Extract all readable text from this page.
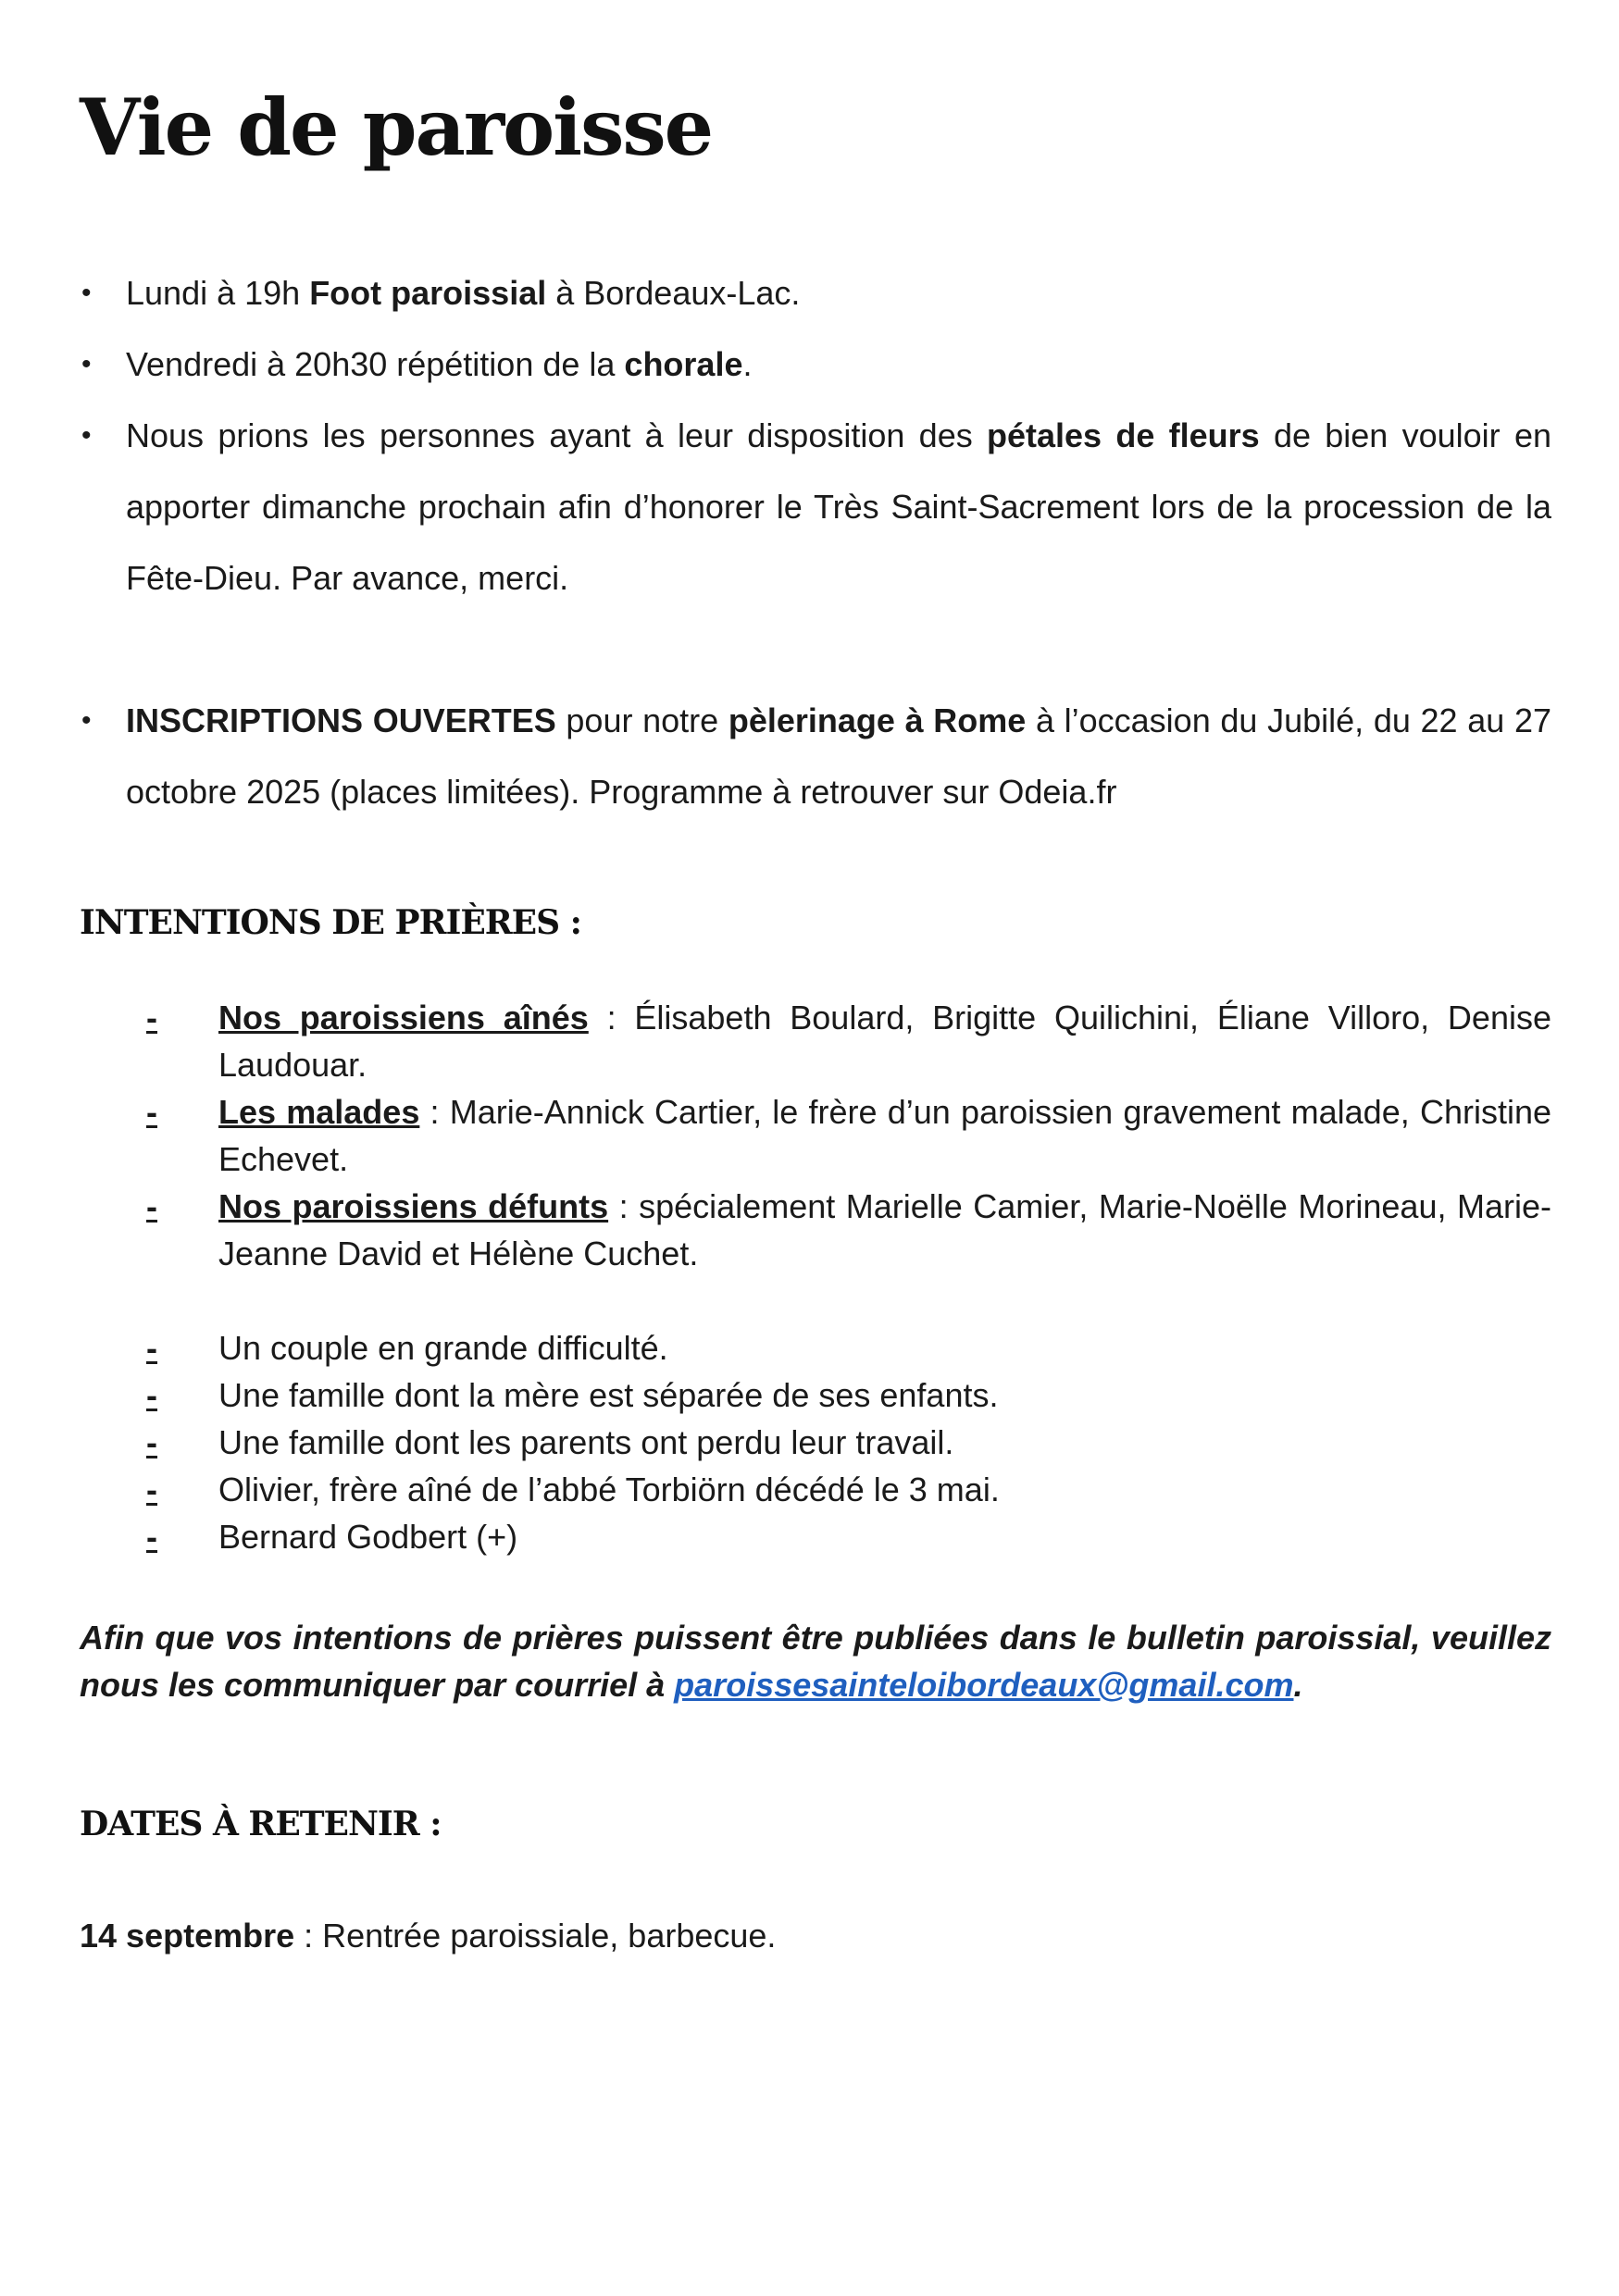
Vie de paroisse
• Lundi à 19h Foot paroissial à Bordeaux-Lac.
• Vendredi à 20h30 répétition de la chorale.
• Nous prions les personnes ayant à leur disposition des pétales de fleurs de bien vouloir en apporter dimanche prochain afin d’honorer le Très Saint-Sacrement lors de la procession de la Fête-Dieu. Par avance, merci.
• INSCRIPTIONS OUVERTES pour notre pèlerinage à Rome à l’occasion du Jubilé, du 22 au 27 octobre 2025 (places limitées). Programme à retrouver sur Odeia.fr
INTENTIONS DE PRIÈRES :
- Nos paroissiens aînés : Élisabeth Boulard, Brigitte Quilichini, Éliane Villoro, Denise Laudouar.
- Les malades : Marie-Annick Cartier, le frère d’un paroissien gravement malade, Christine Echevet.
- Nos paroissiens défunts : spécialement Marielle Camier, Marie-Noëlle Morineau, Marie-Jeanne David et Hélène Cuchet.
- Un couple en grande difficulté.
- Une famille dont la mère est séparée de ses enfants.
- Une famille dont les parents ont perdu leur travail.
- Olivier, frère aîné de l’abbé Torbiörn décédé le 3 mai.
- Bernard Godbert (+)

Afin que vos intentions de prières puissent être publiées dans le bulletin paroissial, veuillez nous les communiquer par courriel à paroissesainteloibordeaux@gmail.com.

DATES À RETENIR :

14 septembre : Rentrée paroissiale, barbecue.
